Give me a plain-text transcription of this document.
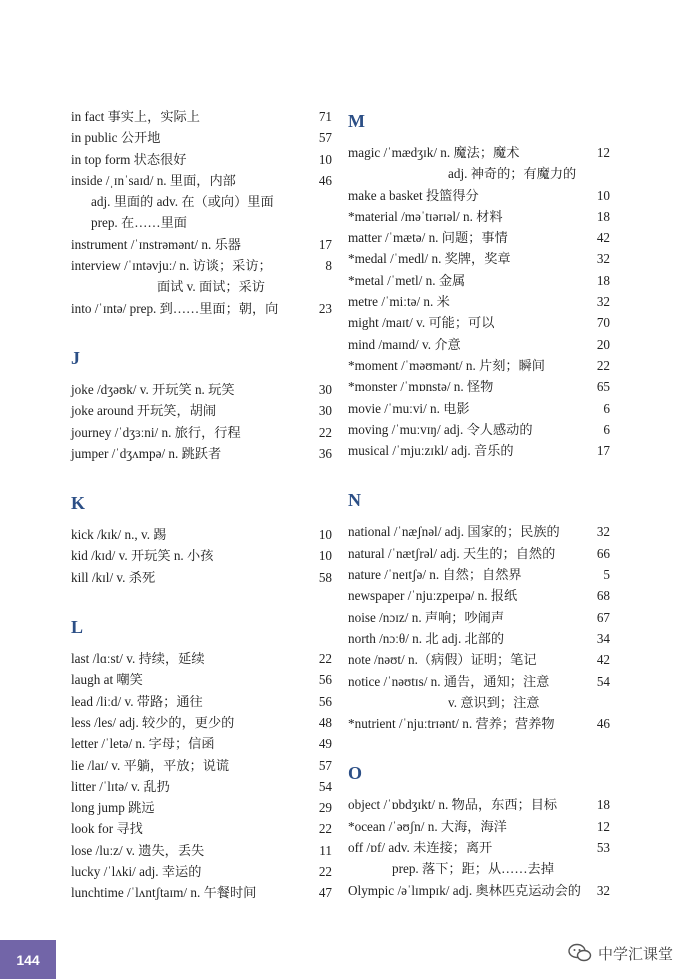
in fact 事实上，实际上	71
in public 公开地	57
in top form 状态很好	10
inside /ˌɪnˈsaɪd/ n. 里面，内部	46
adj. 里面的 adv. 在（或向）里面
prep. 在……里面
instrument /ˈɪnstrəmənt/ n. 乐器	17
interview /ˈɪntəvjuː/ n. 访谈；采访；	8
面试 v. 面试；采访
into /ˈɪntə/ prep. 到……里面；朝，向	23
J
joke /dʒəʊk/ v. 开玩笑 n. 玩笑	30
joke around 开玩笑，胡闹	30
journey /ˈdʒɜːni/ n. 旅行，行程	22
jumper /ˈdʒʌmpə/ n. 跳跃者	36
K
kick /kɪk/ n., v. 踢	10
kid /kɪd/ v. 开玩笑 n. 小孩	10
kill /kɪl/ v. 杀死	58
L
last /lɑːst/ v. 持续，延续	22
laugh at 嘲笑	56
lead /liːd/ v. 带路；通往	56
less /les/ adj. 较少的，更少的	48
letter /ˈletə/ n. 字母；信函	49
lie /laɪ/ v. 平躺，平放；说谎	57
litter /ˈlɪtə/ v. 乱扔	54
long jump 跳远	29
look for 寻找	22
lose /luːz/ v. 遗失，丢失	11
lucky /ˈlʌki/ adj. 幸运的	22
lunchtime /ˈlʌntʃtaɪm/ n. 午餐时间	47
M
magic /ˈmædʒɪk/ n. 魔法；魔术	12
adj. 神奇的；有魔力的
make a basket 投篮得分	10
*material /məˈtɪərɪəl/ n. 材料	18
matter /ˈmætə/ n. 问题；事情	42
*medal /ˈmedl/ n. 奖牌，奖章	32
*metal /ˈmetl/ n. 金属	18
metre /ˈmiːtə/ n. 米	32
might /maɪt/ v. 可能；可以	70
mind /maɪnd/ v. 介意	20
*moment /ˈməʊmənt/ n. 片刻；瞬间	22
*monster /ˈmɒnstə/ n. 怪物	65
movie /ˈmuːvi/ n. 电影	6
moving /ˈmuːvɪŋ/ adj. 令人感动的	6
musical /ˈmjuːzɪkl/ adj. 音乐的	17
N
national /ˈnæʃnəl/ adj. 国家的；民族的	32
natural /ˈnætʃrəl/ adj. 天生的；自然的	66
nature /ˈneɪtʃə/ n. 自然；自然界	5
newspaper /ˈnjuːzpeɪpə/ n. 报纸	68
noise /nɔɪz/ n. 声响；吵闹声	67
north /nɔːθ/ n. 北 adj. 北部的	34
note /nəʊt/ n.（病假）证明；笔记	42
notice /ˈnəʊtɪs/ n. 通告，通知；注意	54
v. 意识到；注意
*nutrient /ˈnjuːtrɪənt/ n. 营养；营养物	46
O
object /ˈɒbdʒɪkt/ n. 物品，东西；目标	18
*ocean /ˈəʊʃn/ n. 大海，海洋	12
off /ɒf/ adv. 未连接；离开	53
prep. 落下；距；从……去掉
Olympic /əˈlɪmpɪk/ adj. 奥林匹克运动会的 32
144	中学汇课堂
